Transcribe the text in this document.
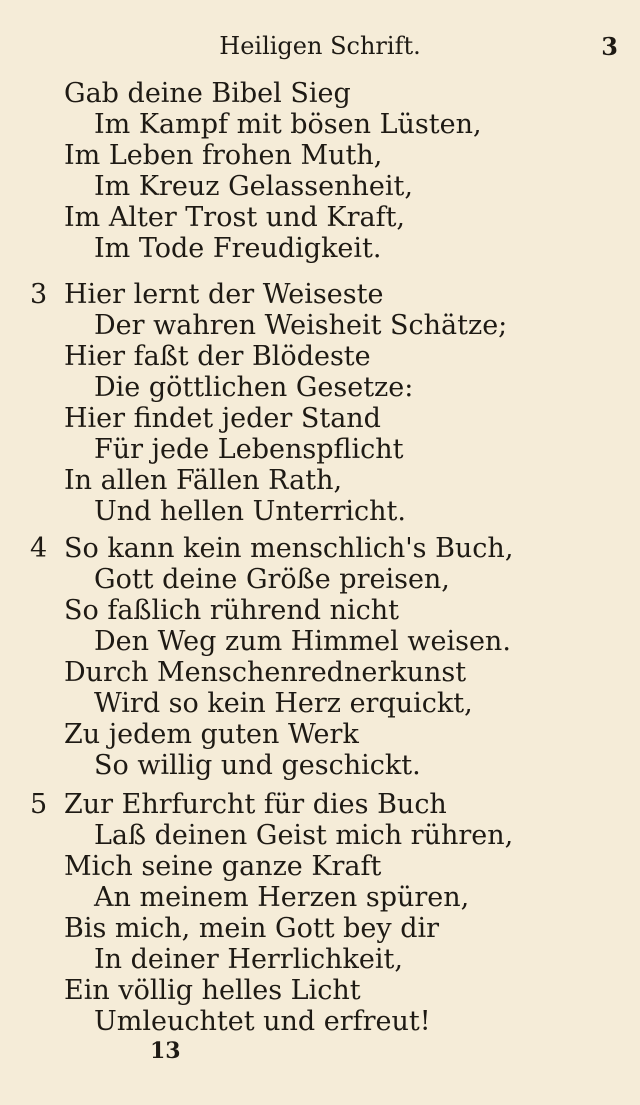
Heiligen Schrift.	3
Gab deine Bibel Sieg
Im Kampf mit bösen Lüsten,
Im Leben frohen Muth,
Im Kreuz Gelassenheit,
Im Alter Trost und Kraft,
Im Tode Freudigkeit.
3 Hier lernt der Weiseste
Der wahren Weisheit Schätze;
Hier faßt der Blödeste
Die göttlichen Gesetze:
Hier findet jeder Stand
Für jede Lebenspflicht
In allen Fällen Rath,
Und hellen Unterricht.
4 So kann kein menschlich's Buch,
Gott deine Größe preisen,
So faßlich rührend nicht
Den Weg zum Himmel weisen.
Durch Menschenrednerkunst
Wird so kein Herz erquickt,
Zu jedem guten Werk
So willig und geschickt.
5 Zur Ehrfurcht für dies Buch
Laß deinen Geist mich rühren,
Mich seine ganze Kraft
An meinem Herzen spüren,
Bis mich, mein Gott bey dir
In deiner Herrlichkeit,
Ein völlig helles Licht
Umleuchtet und erfreut!
13
